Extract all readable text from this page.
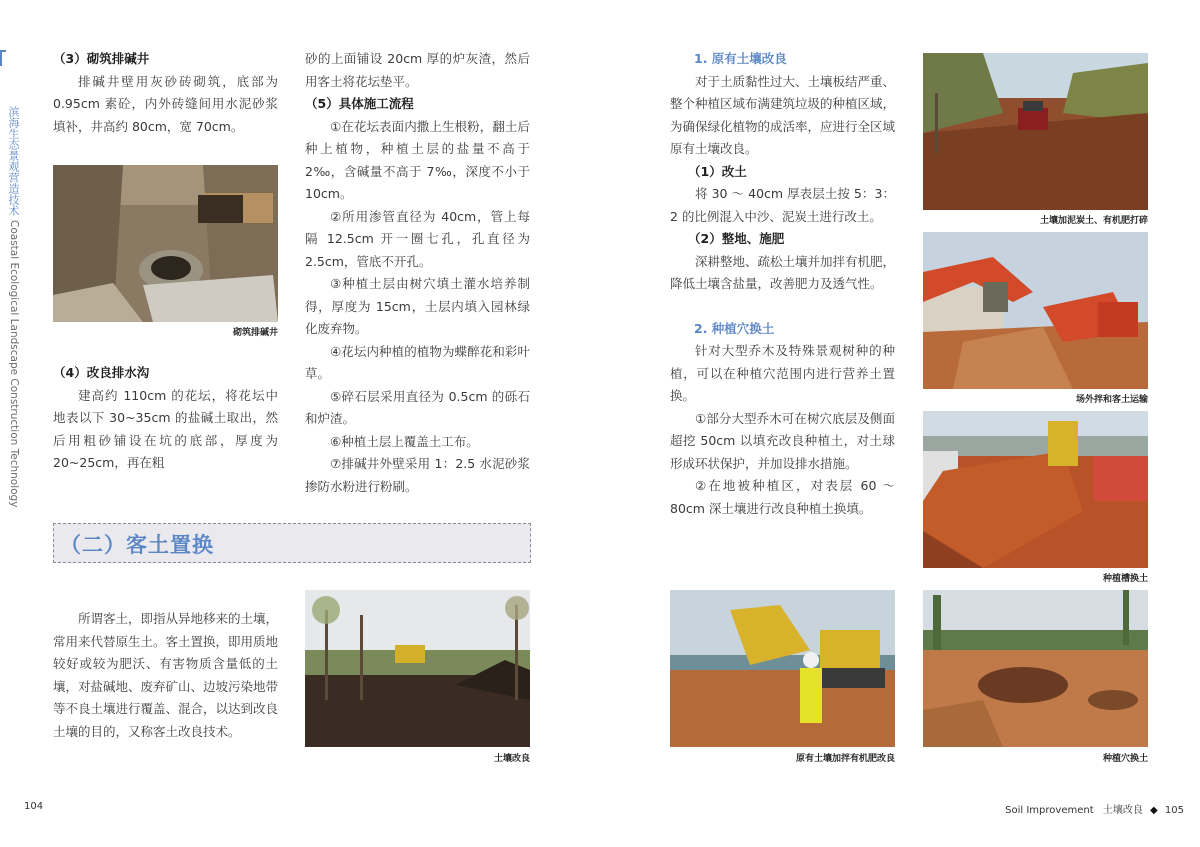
滨海生态景观营造技术
Coastal Ecological Landscape Construction Technology
（3）砌筑排碱井
排碱井壁用灰砂砖砌筑，底部为 0.95cm 素砼，内外砖缝间用水泥砂浆填补，井高约 80cm，宽 70cm。
砌筑排碱井
（4）改良排水沟
建高约 110cm 的花坛，将花坛中地表以下 30~35cm 的盐碱土取出，然后用粗砂铺设在坑的底部，厚度为 20~25cm，再在粗
砂的上面铺设 20cm 厚的炉灰渣，然后用客土将花坛垫平。
（5）具体施工流程
①在花坛表面内撒上生根粉，翻土后种上植物，种植土层的盐量不高于 2‰，含碱量不高于 7‰，深度不小于 10cm。
②所用渗管直径为 40cm，管上每隔 12.5cm 开一圈七孔，孔直径为 2.5cm，管底不开孔。
③种植土层由树穴填土灌水培养制得，厚度为 15cm，土层内填入园林绿化废弃物。
④花坛内种植的植物为蝶醉花和彩叶草。
⑤碎石层采用直径为 0.5cm 的砾石和炉渣。
⑥种植土层上覆盖土工布。
⑦排碱井外壁采用 1：2.5 水泥砂浆掺防水粉进行粉刷。
（二）客土置换
所谓客土，即指从异地移来的土壤，常用来代替原生土。客土置换，即用质地较好或较为肥沃、有害物质含量低的土壤，对盐碱地、废弃矿山、边坡污染地带等不良土壤进行覆盖、混合，以达到改良土壤的目的，又称客土改良技术。
土壤改良
104
1. 原有土壤改良
对于土质黏性过大、土壤板结严重、整个种植区域布满建筑垃圾的种植区域，为确保绿化植物的成活率，应进行全区域原有土壤改良。
（1）改土
将 30 ～ 40cm 厚表层土按 5：3：2 的比例混入中沙、泥炭土进行改土。
（2）整地、施肥
深耕整地、疏松土壤并加拌有机肥，降低土壤含盐量，改善肥力及透气性。
2. 种植穴换土
针对大型乔木及特殊景观树种的种植，可以在种植穴范围内进行营养土置换。
①部分大型乔木可在树穴底层及侧面超挖 50cm 以填充改良种植土，对土球形成环状保护，并加设排水措施。
②在地被种植区，对表层 60 ～ 80cm 深土壤进行改良种植土换填。
土壤加泥炭土、有机肥打碎
场外拌和客土运输
种植槽换土
原有土壤加拌有机肥改良	种植穴换土
Soil Improvement 土壤改良 ◆ 105
